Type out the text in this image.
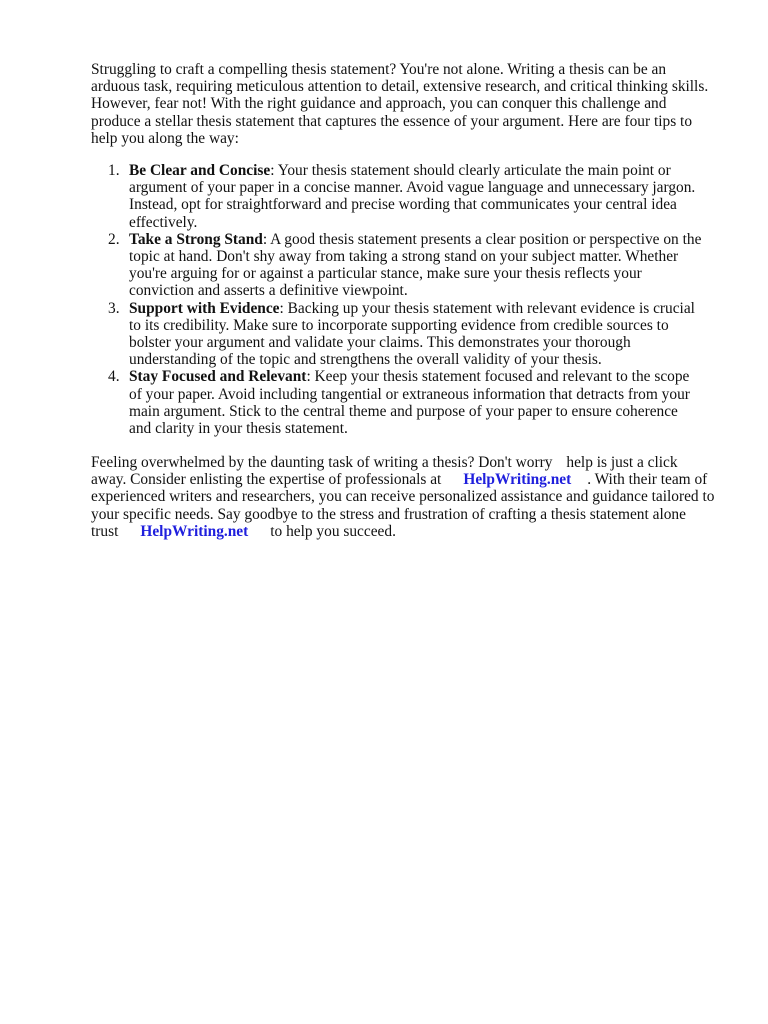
Struggling to craft a compelling thesis statement? You're not alone. Writing a thesis can be an
arduous task, requiring meticulous attention to detail, extensive research, and critical thinking skills.
However, fear not! With the right guidance and approach, you can conquer this challenge and
produce a stellar thesis statement that captures the essence of your argument. Here are four tips to
help you along the way:

1. Be Clear and Concise: Your thesis statement should clearly articulate the main point or
argument of your paper in a concise manner. Avoid vague language and unnecessary jargon.
Instead, opt for straightforward and precise wording that communicates your central idea
effectively.
2. Take a Strong Stand: A good thesis statement presents a clear position or perspective on the
topic at hand. Don't shy away from taking a strong stand on your subject matter. Whether
you're arguing for or against a particular stance, make sure your thesis reflects your
conviction and asserts a definitive viewpoint.
3. Support with Evidence: Backing up your thesis statement with relevant evidence is crucial
to its credibility. Make sure to incorporate supporting evidence from credible sources to
bolster your argument and validate your claims. This demonstrates your thorough
understanding of the topic and strengthens the overall validity of your thesis.
4. Stay Focused and Relevant: Keep your thesis statement focused and relevant to the scope
of your paper. Avoid including tangential or extraneous information that detracts from your
main argument. Stick to the central theme and purpose of your paper to ensure coherence
and clarity in your thesis statement.

Feeling overwhelmed by the daunting task of writing a thesis? Don't worry help is just a click
away. Consider enlisting the expertise of professionals at HelpWriting.net . With their team of
experienced writers and researchers, you can receive personalized assistance and guidance tailored to
your specific needs. Say goodbye to the stress and frustration of crafting a thesis statement alone
trust HelpWriting.net to help you succeed.
